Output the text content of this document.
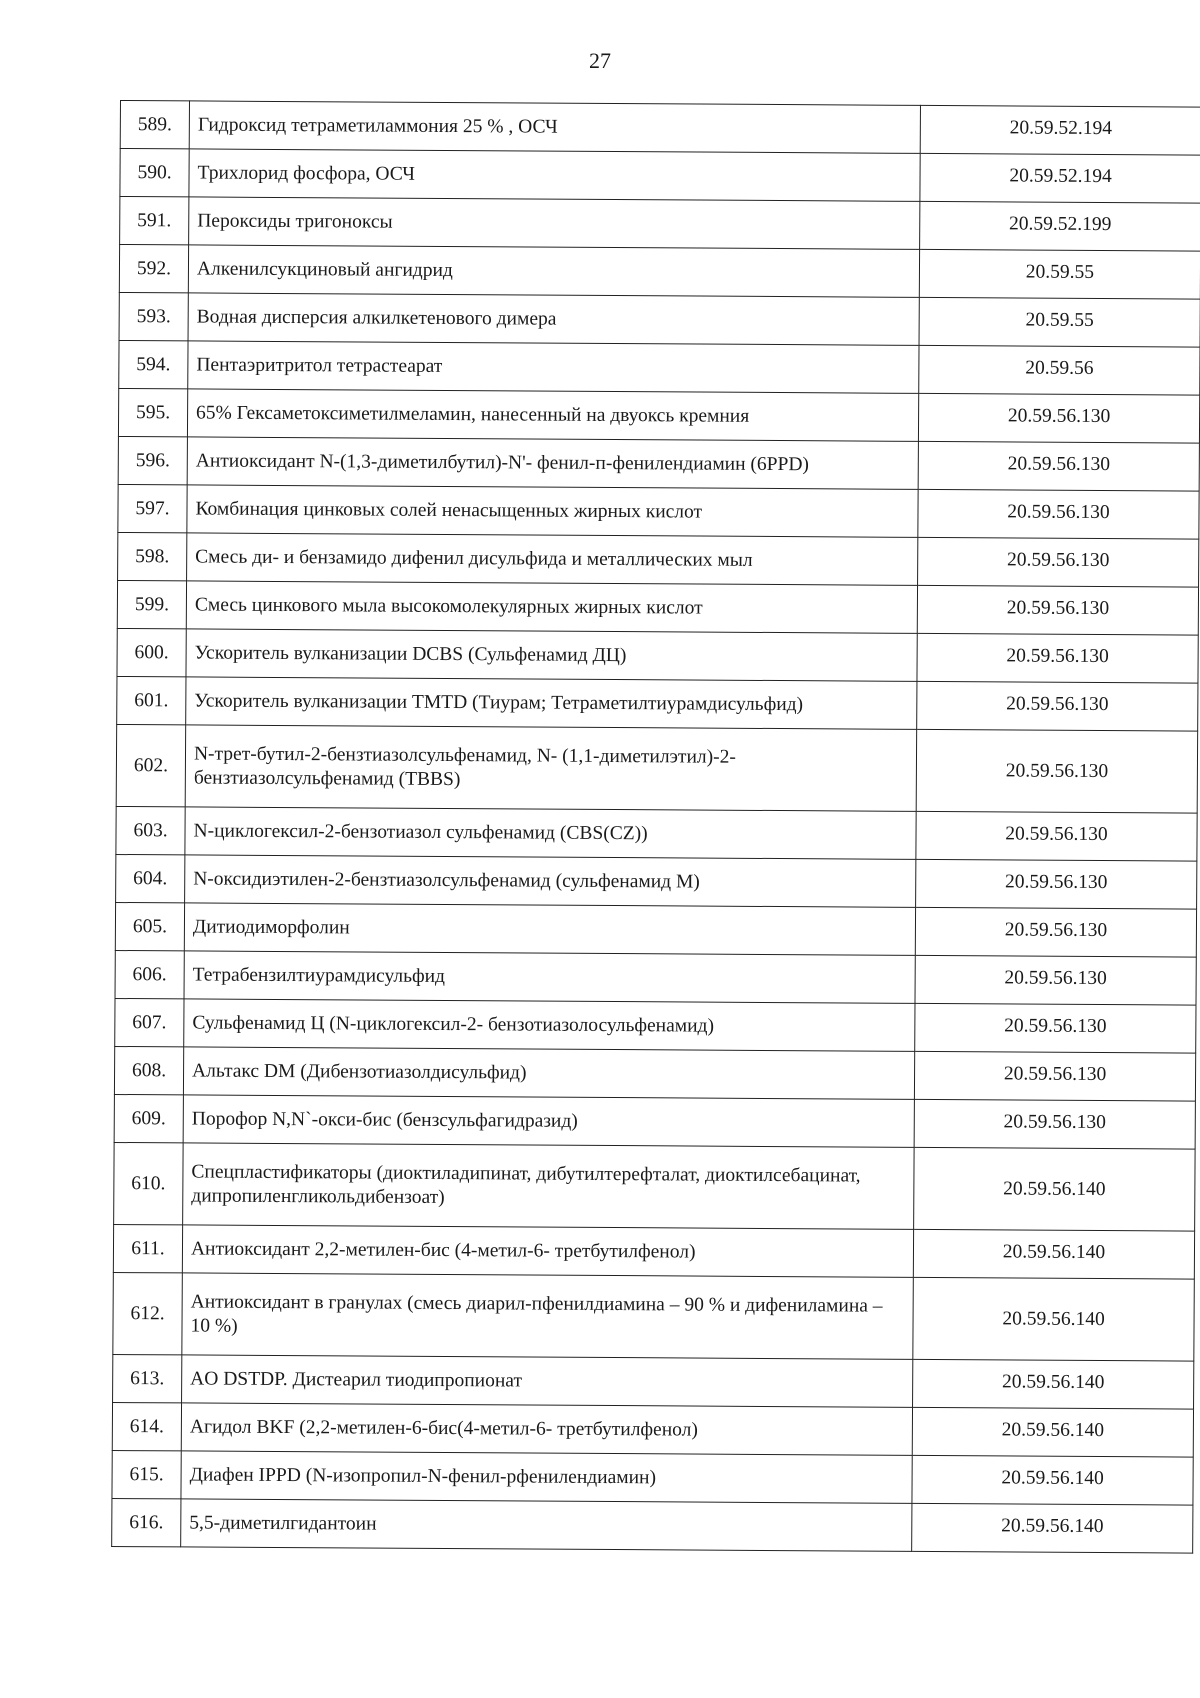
27
589.	Гидроксид тетраметиламмония 25 % , ОСЧ	20.59.52.194
590.	Трихлорид фосфора, ОСЧ	20.59.52.194
591.	Пероксиды тригоноксы	20.59.52.199
592.	Алкенилсукциновый ангидрид	20.59.55
593.	Водная дисперсия алкилкетенового димера	20.59.55
594.	Пентаэритритол тетрастеарат	20.59.56
595.	65% Гексаметоксиметилмеламин, нанесенный на двуоксь кремния	20.59.56.130
596.	Антиоксидант N-(1,3-диметилбутил)-N'- фенил-п-фенилендиамин (6PPD)	20.59.56.130
597.	Комбинация цинковых солей ненасыщенных жирных кислот	20.59.56.130
598.	Смесь ди- и бензамидо дифенил дисульфида и металлических мыл	20.59.56.130
599.	Смесь цинкового мыла высокомолекулярных жирных кислот	20.59.56.130
600.	Ускоритель вулканизации DCBS (Сульфенамид ДЦ)	20.59.56.130
601.	Ускоритель вулканизации TMTD (Тиурам; Тетраметилтиурамдисульфид)	20.59.56.130
602.	N-трет-бутил-2-бензтиазолсульфенамид, N- (1,1-диметилэтил)-2-бензтиазолсульфенамид (TBBS)	20.59.56.130
603.	N-циклогексил-2-бензотиазол сульфенамид (CBS(CZ))	20.59.56.130
604.	N-оксидиэтилен-2-бензтиазолсульфенамид (сульфенамид М)	20.59.56.130
605.	Дитиодиморфолин	20.59.56.130
606.	Тетрабензилтиурамдисульфид	20.59.56.130
607.	Сульфенамид Ц (N-циклогексил-2- бензотиазолосульфенамид)	20.59.56.130
608.	Альтакс DM (Дибензотиазолдисульфид)	20.59.56.130
609.	Порофор N,N`-окси-бис (бензсульфагидразид)	20.59.56.130
610.	Спецпластификаторы (диоктиладипинат, дибутилтерефталат, диоктилсебацинат, дипропиленгликольдибензоат)	20.59.56.140
611.	Антиоксидант 2,2-метилен-бис (4-метил-6- третбутилфенол)	20.59.56.140
612.	Антиоксидант в гранулах (смесь диарил-пфенилдиамина – 90 % и дифениламина – 10 %)	20.59.56.140
613.	AO DSTDP. Дистеарил тиодипропионат	20.59.56.140
614.	Агидол BKF (2,2-метилен-6-бис(4-метил-6- третбутилфенол)	20.59.56.140
615.	Диафен IPPD (N-изопропил-N-фенил-рфенилендиамин)	20.59.56.140
616.	5,5-диметилгидантоин	20.59.56.140
